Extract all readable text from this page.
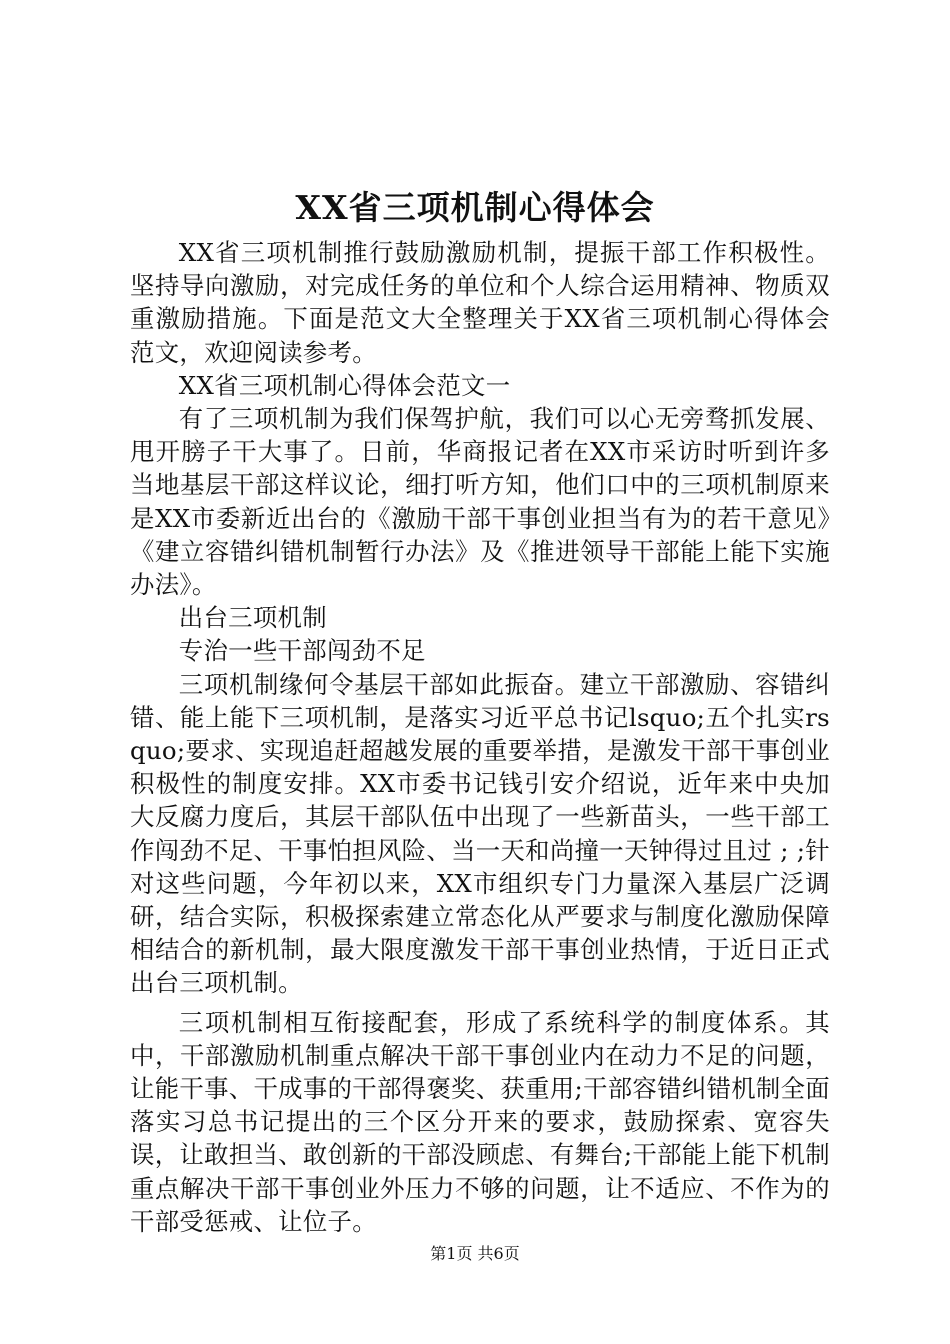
XX省三项机制心得体会

XX省三项机制推行鼓励激励机制，提振干部工作积极性。坚持导向激励，对完成任务的单位和个人综合运用精神、物质双重激励措施。下面是范文大全整理关于XX省三项机制心得体会范文，欢迎阅读参考。

XX省三项机制心得体会范文一

有了三项机制为我们保驾护航，我们可以心无旁骛抓发展、甩开膀子干大事了。日前，华商报记者在XX市采访时听到许多当地基层干部这样议论，细打听方知，他们口中的三项机制原来是XX市委新近出台的《激励干部干事创业担当有为的若干意见》《建立容错纠错机制暂行办法》及《推进领导干部能上能下实施办法》。

出台三项机制

专治一些干部闯劲不足

三项机制缘何令基层干部如此振奋。建立干部激励、容错纠错、能上能下三项机制，是落实习近平总书记lsquo;五个扎实rsquo;要求、实现追赶超越发展的重要举措，是激发干部干事创业积极性的制度安排。XX市委书记钱引安介绍说，近年来中央加大反腐力度后，其层干部队伍中出现了一些新苗头，一些干部工作闯劲不足、干事怕担风险、当一天和尚撞一天钟得过且过 ; ;针对这些问题，今年初以来，XX市组织专门力量深入基层广泛调研，结合实际，积极探索建立常态化从严要求与制度化激励保障相结合的新机制，最大限度激发干部干事创业热情，于近日正式出台三项机制。

三项机制相互衔接配套，形成了系统科学的制度体系。其中，干部激励机制重点解决干部干事创业内在动力不足的问题，让能干事、干成事的干部得褒奖、获重用;干部容错纠错机制全面落实习总书记提出的三个区分开来的要求，鼓励探索、宽容失误，让敢担当、敢创新的干部没顾虑、有舞台;干部能上能下机制重点解决干部干事创业外压力不够的问题，让不适应、不作为的干部受惩戒、让位子。

第1页 共6页
